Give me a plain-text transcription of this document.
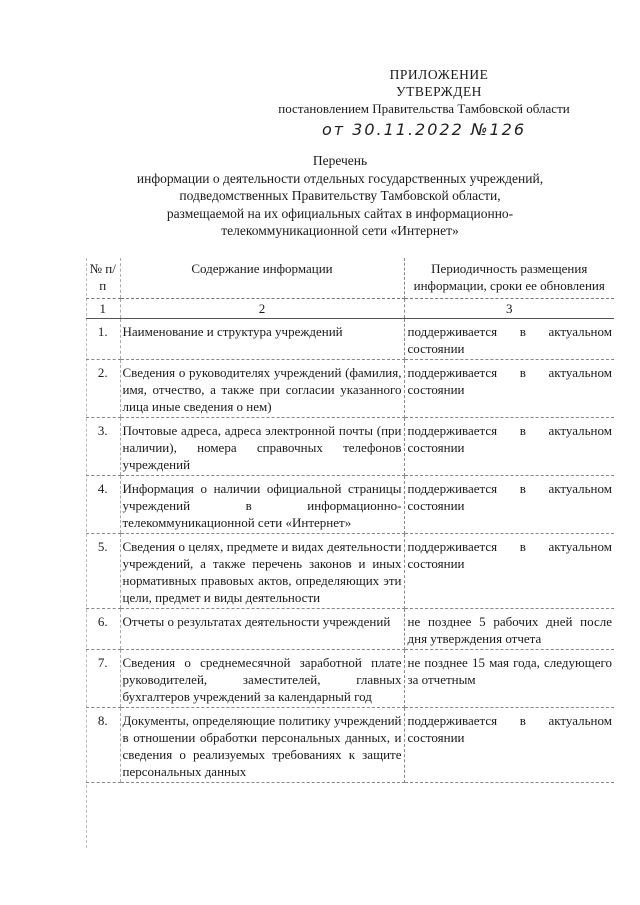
ПРИЛОЖЕНИЕ
УТВЕРЖДЕН
постановлением Правительства Тамбовской области
от 30.11.2022 №126
Перечень
информации о деятельности отдельных государственных учреждений,
подведомственных Правительству Тамбовской области,
размещаемой на их официальных сайтах в информационно-
телекоммуникационной сети «Интернет»
№ п/п	Содержание информации	Периодичность размещения информации, сроки ее обновления
1	2	3
1.	Наименование и структура учреждений	поддерживается в актуальном состоянии
2.	Сведения о руководителях учреждений (фамилия, имя, отчество, а также при согласии указанного лица иные сведения о нем)	поддерживается в актуальном состоянии
3.	Почтовые адреса, адреса электронной почты (при наличии), номера справочных телефонов учреждений	поддерживается в актуальном состоянии
4.	Информация о наличии официальной страницы учреждений в информационно-телекоммуникационной сети «Интернет»	поддерживается в актуальном состоянии
5.	Сведения о целях, предмете и видах деятельности учреждений, а также перечень законов и иных нормативных правовых актов, определяющих эти цели, предмет и виды деятельности	поддерживается в актуальном состоянии
6.	Отчеты о результатах деятельности учреждений	не позднее 5 рабочих дней после дня утверждения отчета
7.	Сведения о среднемесячной заработной плате руководителей, заместителей, главных бухгалтеров учреждений за календарный год	не позднее 15 мая года, следующего за отчетным
8.	Документы, определяющие политику учреждений в отношении обработки персональных данных, и сведения о реализуемых требованиях к защите персональных данных	поддерживается в актуальном состоянии
